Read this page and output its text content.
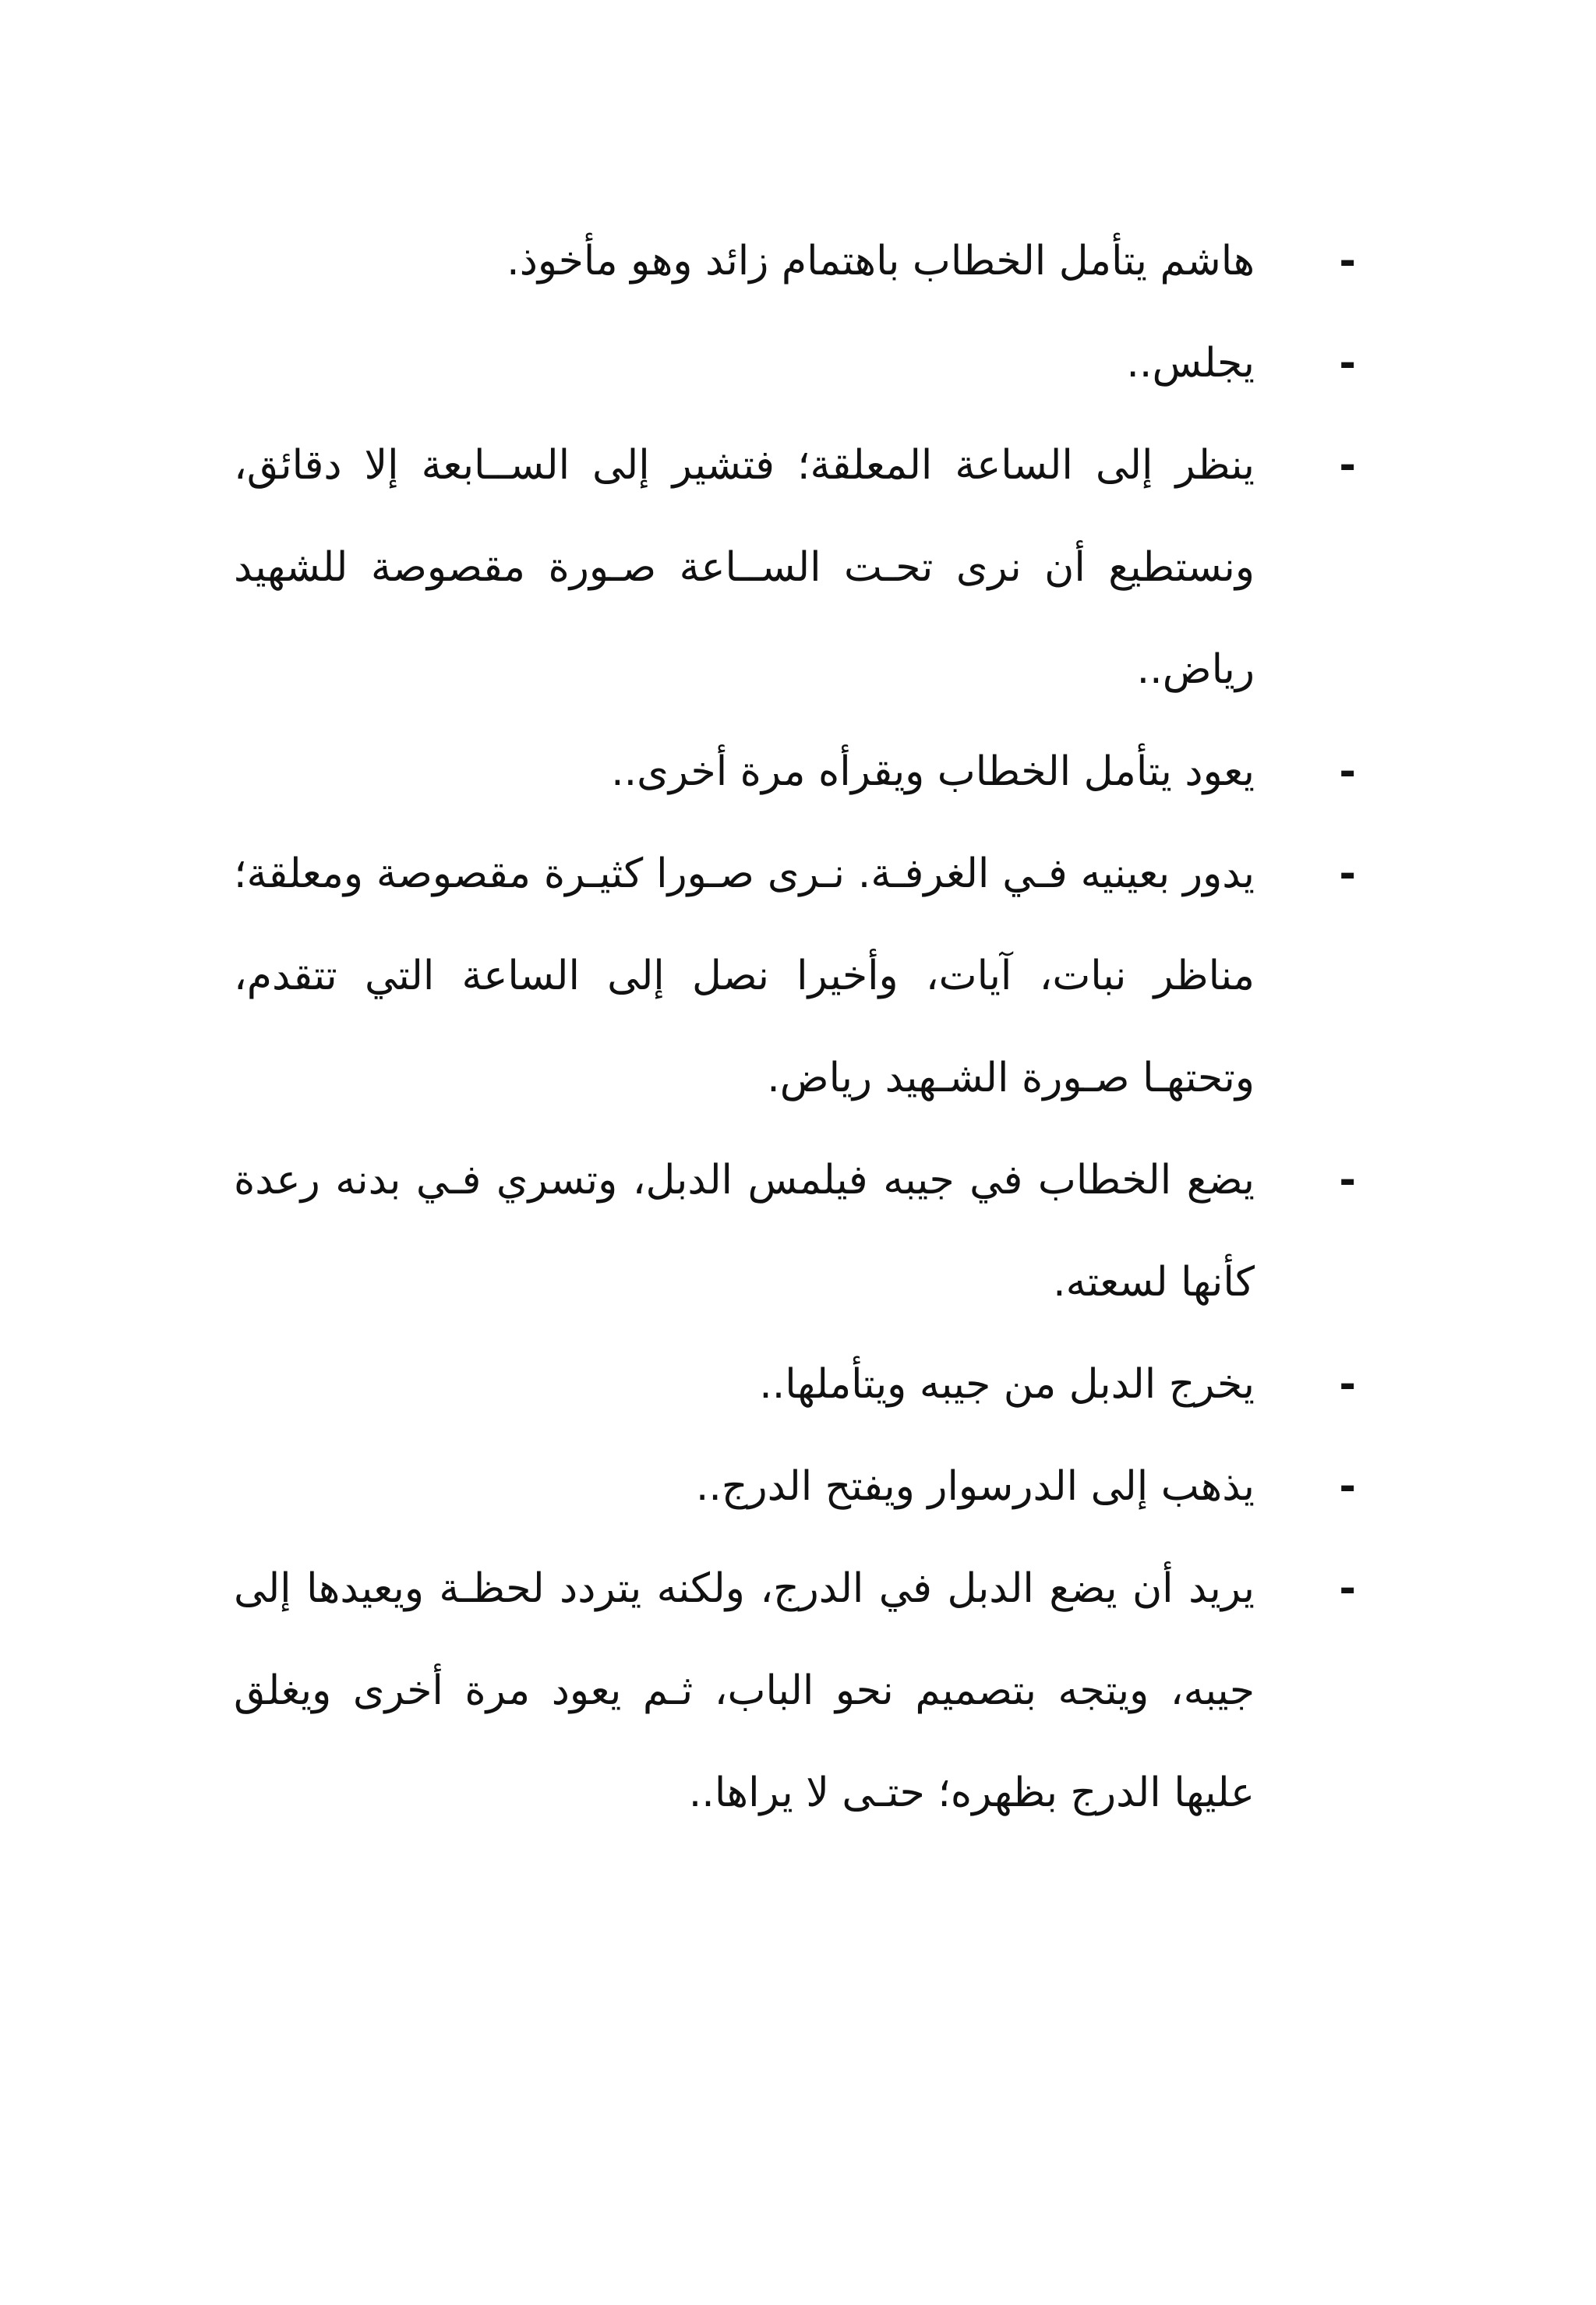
-
هاشم يتأمل الخطاب باهتمام زائد وهو مأخوذ.
-
يجلس..
-
ينظر إلى الساعة المعلقة؛ فتشير إلى الســابعة إلا دقائق، ونستطيع أن نرى تحـت الســاعة صـورة مقصوصة للشهيد رياض..
-
يعود يتأمل الخطاب ويقرأه مرة أخرى..
-
يدور بعينيه فـي الغرفـة. نـرى صـورا كثيـرة مقصوصة ومعلقة؛ مناظر نبات، آيات، وأخيرا نصل إلى الساعة التي تتقدم، وتحتهـا صـورة الشـهيد رياض.
-
يضع الخطاب في جيبه فيلمس الدبل، وتسري فـي بدنه رعدة كأنها لسعته.
-
يخرج الدبل من جيبه ويتأملها..
-
يذهب إلى الدرسوار ويفتح الدرج..
-
يريد أن يضع الدبل في الدرج، ولكنه يتردد لحظـة ويعيدها إلى جيبه، ويتجه بتصميم نحو الباب، ثـم يعود مرة أخرى ويغلق عليها الدرج بظهره؛ حتـى لا يراها..
